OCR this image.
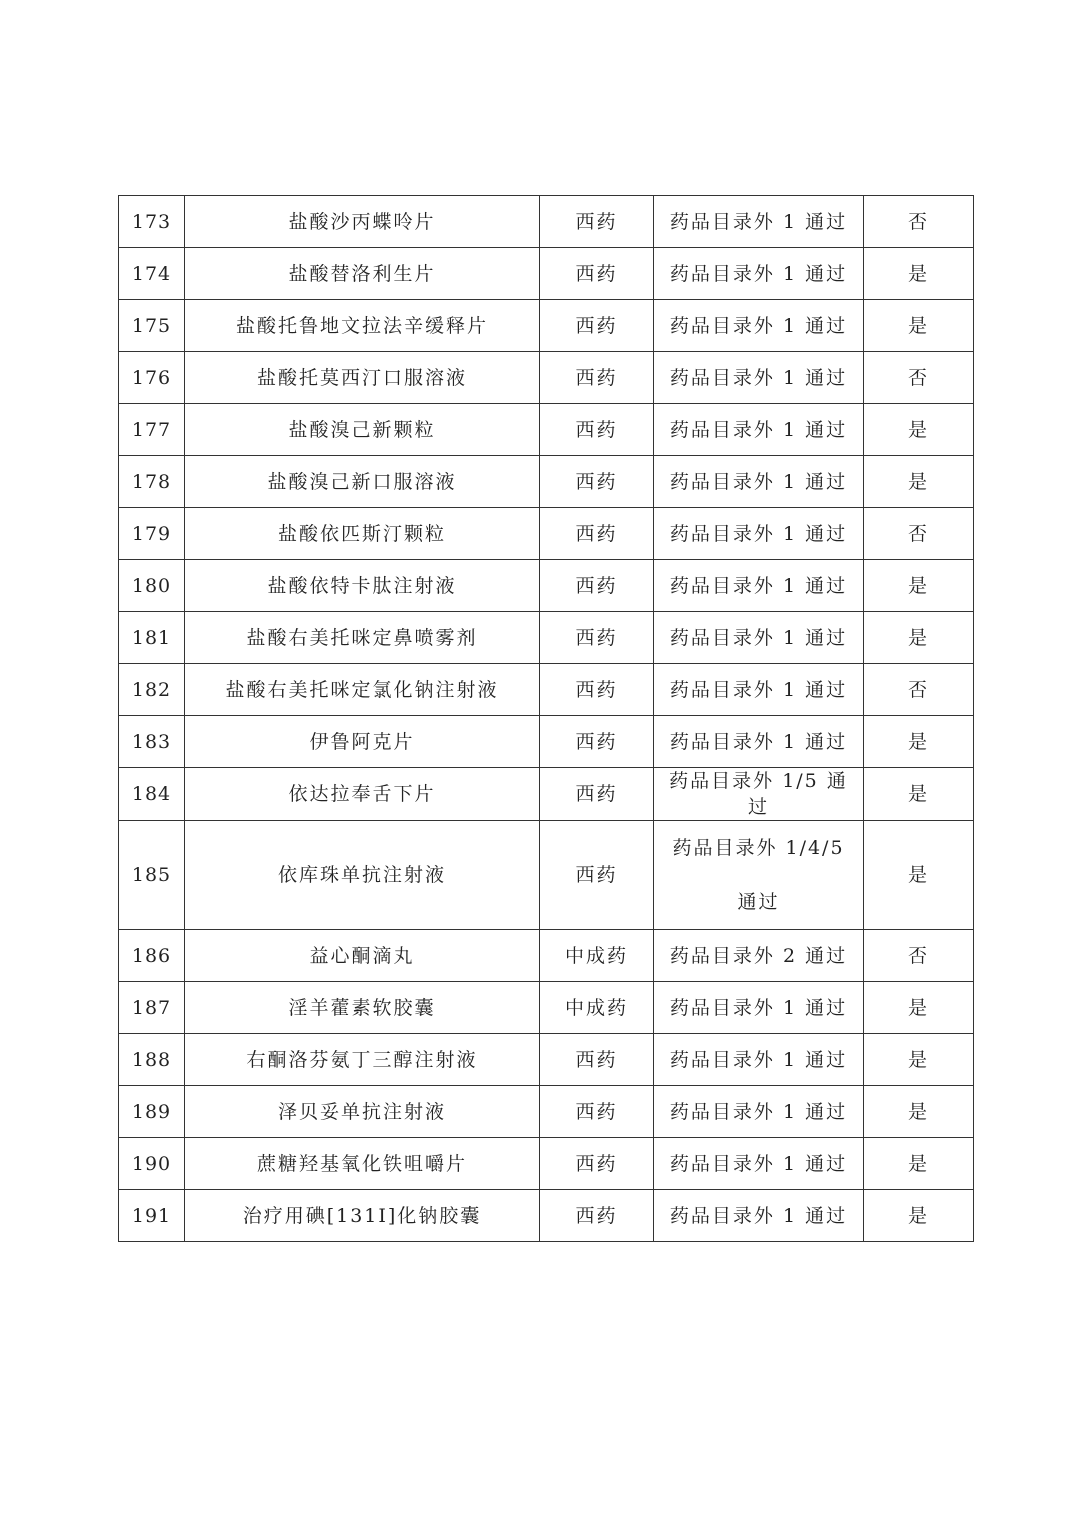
173	盐酸沙丙蝶呤片	西药	药品目录外 1 通过	否
174	盐酸替洛利生片	西药	药品目录外 1 通过	是
175	盐酸托鲁地文拉法辛缓释片	西药	药品目录外 1 通过	是
176	盐酸托莫西汀口服溶液	西药	药品目录外 1 通过	否
177	盐酸溴己新颗粒	西药	药品目录外 1 通过	是
178	盐酸溴己新口服溶液	西药	药品目录外 1 通过	是
179	盐酸依匹斯汀颗粒	西药	药品目录外 1 通过	否
180	盐酸依特卡肽注射液	西药	药品目录外 1 通过	是
181	盐酸右美托咪定鼻喷雾剂	西药	药品目录外 1 通过	是
182	盐酸右美托咪定氯化钠注射液	西药	药品目录外 1 通过	否
183	伊鲁阿克片	西药	药品目录外 1 通过	是
184	依达拉奉舌下片	西药	药品目录外 1/5 通过	是
185	依库珠单抗注射液	西药	药品目录外 1/4/5 通过	是
186	益心酮滴丸	中成药	药品目录外 2 通过	否
187	淫羊藿素软胶囊	中成药	药品目录外 1 通过	是
188	右酮洛芬氨丁三醇注射液	西药	药品目录外 1 通过	是
189	泽贝妥单抗注射液	西药	药品目录外 1 通过	是
190	蔗糖羟基氧化铁咀嚼片	西药	药品目录外 1 通过	是
191	治疗用碘[131I]化钠胶囊	西药	药品目录外 1 通过	是
